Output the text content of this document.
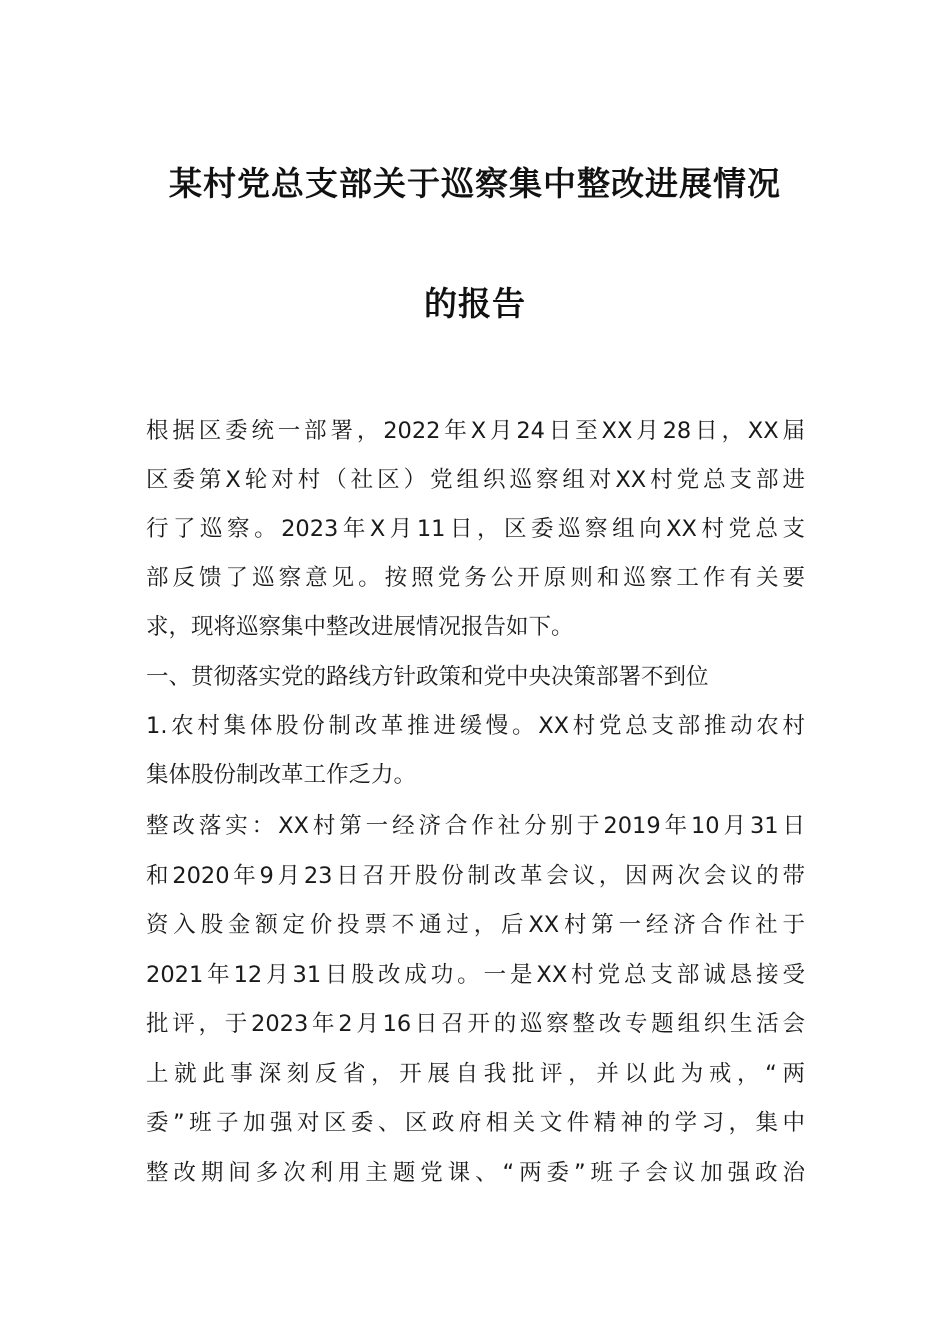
某村党总支部关于巡察集中整改进展情况
的报告
根据区委统一部署，2022年X月24日至XX月28日，XX届
区委第X轮对村（社区）党组织巡察组对XX村党总支部进
行了巡察。2023年X月11日，区委巡察组向XX村党总支
部反馈了巡察意见。按照党务公开原则和巡察工作有关要
求，现将巡察集中整改进展情况报告如下。
一、贯彻落实党的路线方针政策和党中央决策部署不到位
1.农村集体股份制改革推进缓慢。XX村党总支部推动农村
集体股份制改革工作乏力。
整改落实：XX村第一经济合作社分别于2019年10月31日
和2020年9月23日召开股份制改革会议，因两次会议的带
资入股金额定价投票不通过，后XX村第一经济合作社于
2021年12月31日股改成功。一是XX村党总支部诚恳接受
批评，于2023年2月16日召开的巡察整改专题组织生活会
上就此事深刻反省，开展自我批评，并以此为戒，“两
委”班子加强对区委、区政府相关文件精神的学习，集中
整改期间多次利用主题党课、“两委”班子会议加强政治
